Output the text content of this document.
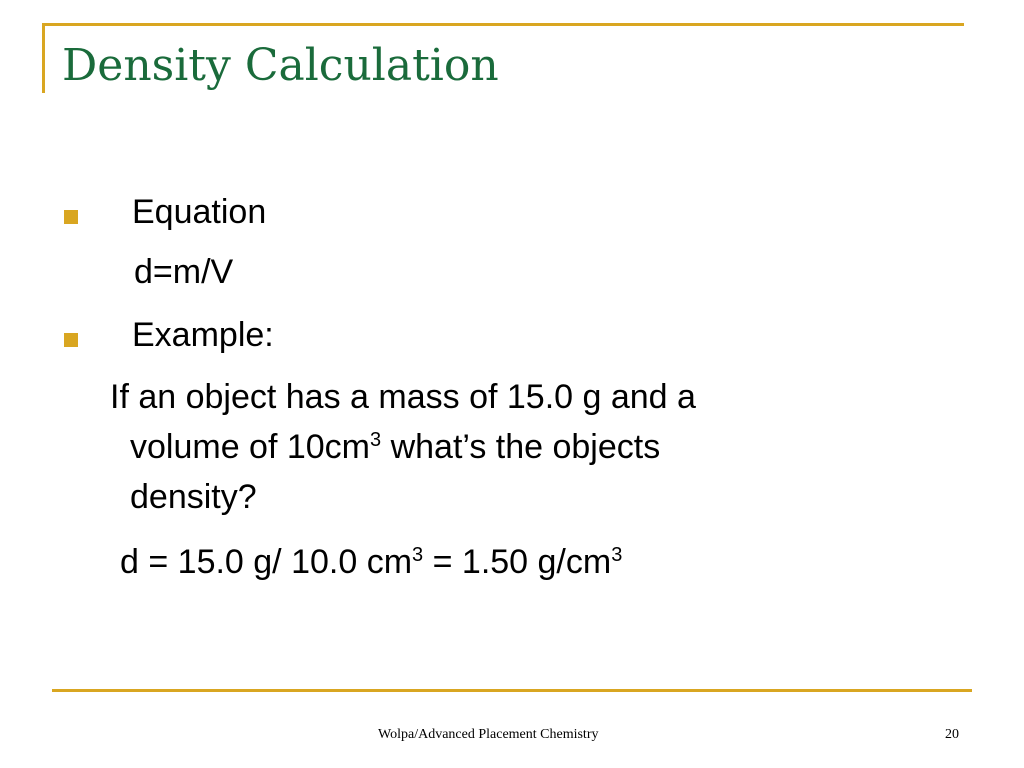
Density Calculation
Equation
d=m/V
Example:
If an object has a mass of 15.0 g and a
volume of $10cm^3$ what’s the objects
density?
d = 15.0 g/ 10.0 $cm^3 = 1.50$ $g/cm^3$
Wolpa/Advanced Placement Chemistry	20
